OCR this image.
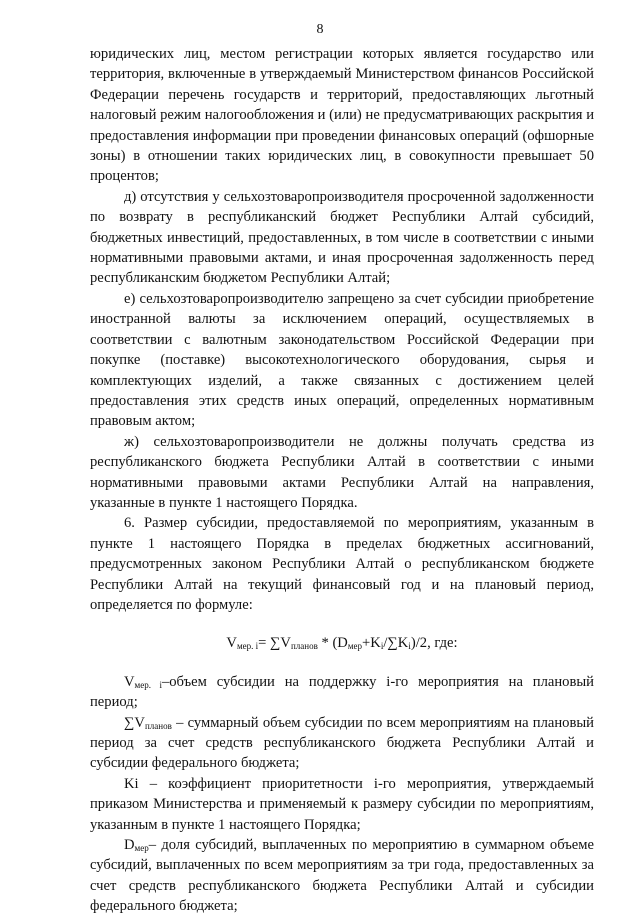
8

юридических лиц, местом регистрации которых является государство или территория, включенные в утверждаемый Министерством финансов Российской Федерации перечень государств и территорий, предоставляющих льготный налоговый режим налогообложения и (или) не предусматривающих раскрытия и предоставления информации при проведении финансовых операций (офшорные зоны) в отношении таких юридических лиц, в совокупности превышает 50 процентов;

д) отсутствия у сельхозтоваропроизводителя просроченной задолженности по возврату в республиканский бюджет Республики Алтай субсидий, бюджетных инвестиций, предоставленных, в том числе в соответствии с иными нормативными правовыми актами, и иная просроченная задолженность перед республиканским бюджетом Республики Алтай;

е) сельхозтоваропроизводителю запрещено за счет субсидии приобретение иностранной валюты за исключением операций, осуществляемых в соответствии с валютным законодательством Российской Федерации при покупке (поставке) высокотехнологического оборудования, сырья и комплектующих изделий, а также связанных с достижением целей предоставления этих средств иных операций, определенных нормативным правовым актом;

ж) сельхозтоваропроизводители не должны получать средства из республиканского бюджета Республики Алтай в соответствии с иными нормативными правовыми актами Республики Алтай на направления, указанные в пункте 1 настоящего Порядка.

6. Размер субсидии, предоставляемой по мероприятиям, указанным в пункте 1 настоящего Порядка в пределах бюджетных ассигнований, предусмотренных законом Республики Алтай о республиканском бюджете Республики Алтай на текущий финансовый год и на плановый период, определяется по формуле:

$V_{мер. i}= \sum V_{планов} * (D_{мер}+K_i/\sum K_i)/2$, где:

$V_{мер. i}$–объем субсидии на поддержку i-го мероприятия на плановый период;

$\sum V_{планов}$ – суммарный объем субсидии по всем мероприятиям на плановый период за счет средств республиканского бюджета Республики Алтай и субсидии федерального бюджета;

Ki – коэффициент приоритетности i-го мероприятия, утверждаемый приказом Министерства и применяемый к размеру субсидии по мероприятиям, указанным в пункте 1 настоящего Порядка;

$D_{мер}-$ доля субсидий, выплаченных по мероприятию в суммарном объеме субсидий, выплаченных по всем мероприятиям за три года, предоставленных за счет средств республиканского бюджета Республики Алтай и субсидии федерального бюджета;
